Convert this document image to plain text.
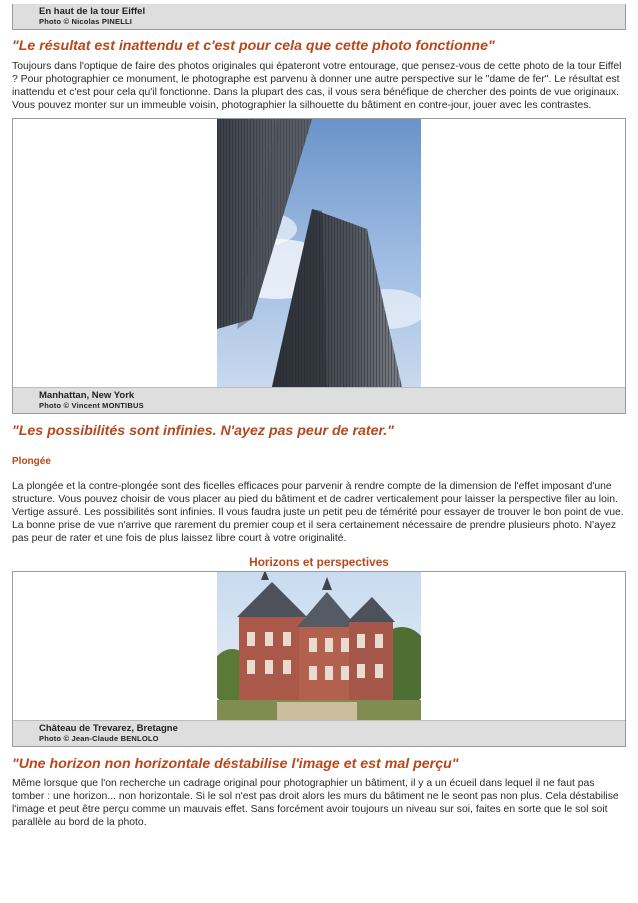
En haut de la tour Eiffel
Photo © Nicolas PINELLI
"Le résultat est inattendu et c'est pour cela que cette photo fonctionne"

Toujours dans l'optique de faire des photos originales qui épateront votre entourage, que pensez-vous de cette photo de la tour Eiffel ? Pour photographier ce monument, le photographe est parvenu à donner une autre perspective sur le "dame de fer". Le résultat est inattendu et c'est pour cela qu'il fonctionne. Dans la plupart des cas, il vous sera bénéfique de chercher des points de vue originaux. Vous pouvez monter sur un immeuble voisin, photographier la silhouette du bâtiment en contre-jour, jouer avec les contrastes.

Manhattan, New York
Photo © Vincent MONTIBUS
"Les possibilités sont infinies. N'ayez pas peur de rater."

Plongée

La plongée et la contre-plongée sont des ficelles efficaces pour parvenir à rendre compte de la dimension de l'effet imposant d'une structure. Vous pouvez choisir de vous placer au pied du bâtiment et de cadrer verticalement pour laisser la perspective filer au loin. Vertige assuré. Les possibilités sont infinies. Il vous faudra juste un petit peu de témérité pour essayer de trouver le bon point de vue. La bonne prise de vue n'arrive que rarement du premier coup et il sera certainement nécessaire de prendre plusieurs photo. N'ayez pas peur de rater et une fois de plus laissez libre court à votre originalité.

Horizons et perspectives

Château de Trevarez, Bretagne
Photo © Jean-Claude BENLOLO
"Une horizon non horizontale déstabilise l'image et est mal perçu"

Même lorsque que l'on recherche un cadrage original pour photographier un bâtiment, il y a un écueil dans lequel il ne faut pas tomber : une horizon... non horizontale. Si le sol n'est pas droit alors les murs du bâtiment ne le seont pas non plus. Cela déstabilise l'image et peut être perçu comme un mauvais effet. Sans forcément avoir toujours un niveau sur soi, faites en sorte que le sol soit parallèle au bord de la photo.
